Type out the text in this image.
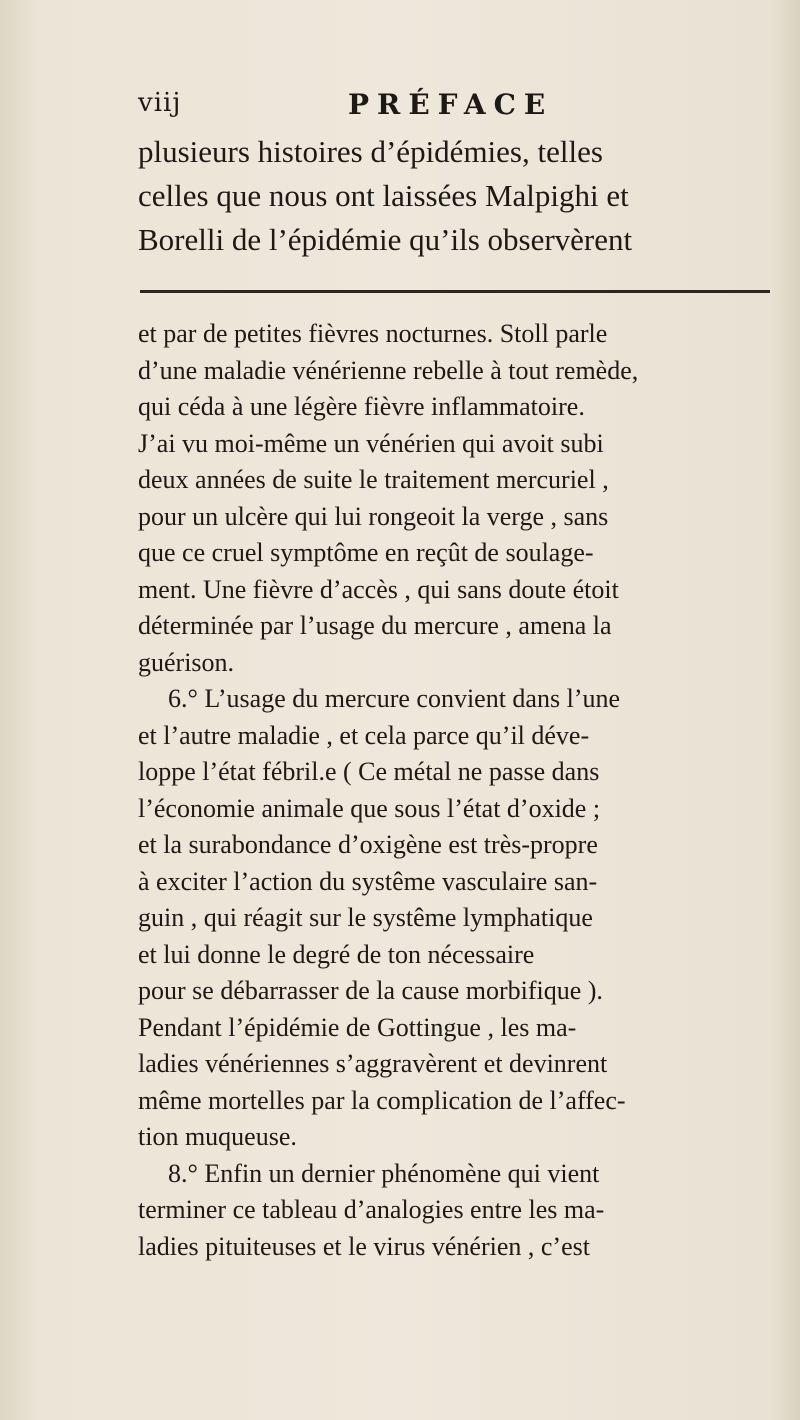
viij	PRÉFACE
plusieurs histoires d’épidémies, telles
celles que nous ont laissées Malpighi et
Borelli de l’épidémie qu’ils observèrent
et par de petites fièvres nocturnes. Stoll parle
d’une maladie vénérienne rebelle à tout remède,
qui céda à une légère fièvre inflammatoire.
J’ai vu moi-même un vénérien qui avoit subi
deux années de suite le traitement mercuriel ,
pour un ulcère qui lui rongeoit la verge , sans
que ce cruel symptôme en reçût de soulage-
ment. Une fièvre d’accès , qui sans doute étoit
déterminée par l’usage du mercure , amena la
guérison.
6.° L’usage du mercure convient dans l’une
et l’autre maladie , et cela parce qu’il déve-
loppe l’état fébril.e ( Ce métal ne passe dans
l’économie animale que sous l’état d’oxide ;
et la surabondance d’oxigène est très-propre
à exciter l’action du systême vasculaire san-
guin , qui réagit sur le systême lymphatique
et lui donne le degré de ton nécessaire
pour se débarrasser de la cause morbifique ).
Pendant l’épidémie de Gottingue , les ma-
ladies vénériennes s’aggravèrent et devinrent
même mortelles par la complication de l’affec-
tion muqueuse.
8.° Enfin un dernier phénomène qui vient
terminer ce tableau d’analogies entre les ma-
ladies pituiteuses et le virus vénérien , c’est
